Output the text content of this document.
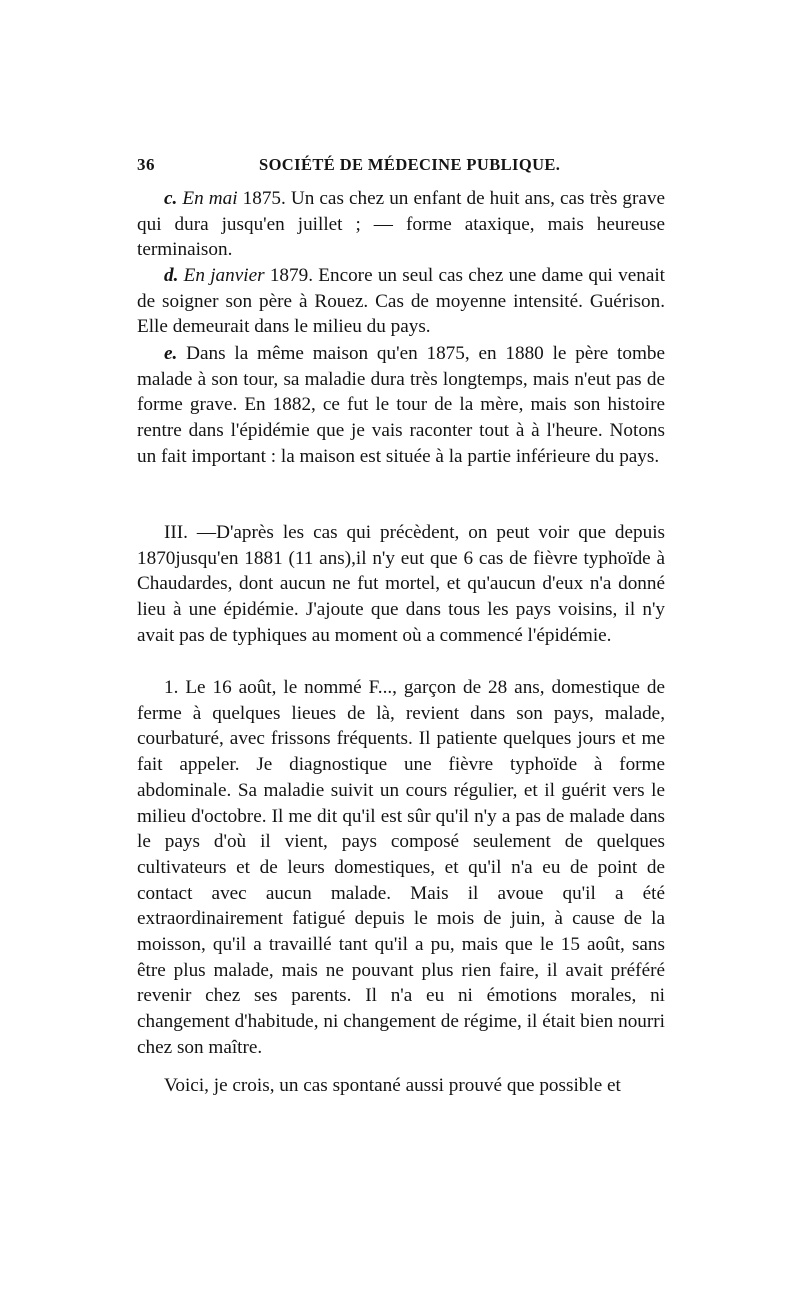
36	SOCIÉTÉ DE MÉDECINE PUBLIQUE.

c. En mai 1875. Un cas chez un enfant de huit ans, cas très grave qui dura jusqu'en juillet ; — forme ataxique, mais heureuse terminaison.

d. En janvier 1879. Encore un seul cas chez une dame qui venait de soigner son père à Rouez. Cas de moyenne intensité. Guérison. Elle demeurait dans le milieu du pays.

e. Dans la même maison qu'en 1875, en 1880 le père tombe malade à son tour, sa maladie dura très longtemps, mais n'eut pas de forme grave. En 1882, ce fut le tour de la mère, mais son histoire rentre dans l'épidémie que je vais raconter tout à à l'heure. Notons un fait important : la maison est située à la partie inférieure du pays.

III. —D'après les cas qui précèdent, on peut voir que depuis 1870jusqu'en 1881 (11 ans),il n'y eut que 6 cas de fièvre typhoïde à Chaudardes, dont aucun ne fut mortel, et qu'aucun d'eux n'a donné lieu à une épidémie. J'ajoute que dans tous les pays voisins, il n'y avait pas de typhiques au moment où a commencé l'épidémie.

1. Le 16 août, le nommé F..., garçon de 28 ans, domestique de ferme à quelques lieues de là, revient dans son pays, malade, courbaturé, avec frissons fréquents. Il patiente quelques jours et me fait appeler. Je diagnostique une fièvre typhoïde à forme abdominale. Sa maladie suivit un cours régulier, et il guérit vers le milieu d'octobre. Il me dit qu'il est sûr qu'il n'y a pas de malade dans le pays d'où il vient, pays composé seulement de quelques cultivateurs et de leurs domestiques, et qu'il n'a eu de point de contact avec aucun malade. Mais il avoue qu'il a été extraordinairement fatigué depuis le mois de juin, à cause de la moisson, qu'il a travaillé tant qu'il a pu, mais que le 15 août, sans être plus malade, mais ne pouvant plus rien faire, il avait préféré revenir chez ses parents. Il n'a eu ni émotions morales, ni changement d'habitude, ni changement de régime, il était bien nourri chez son maître.

Voici, je crois, un cas spontané aussi prouvé que possible et
